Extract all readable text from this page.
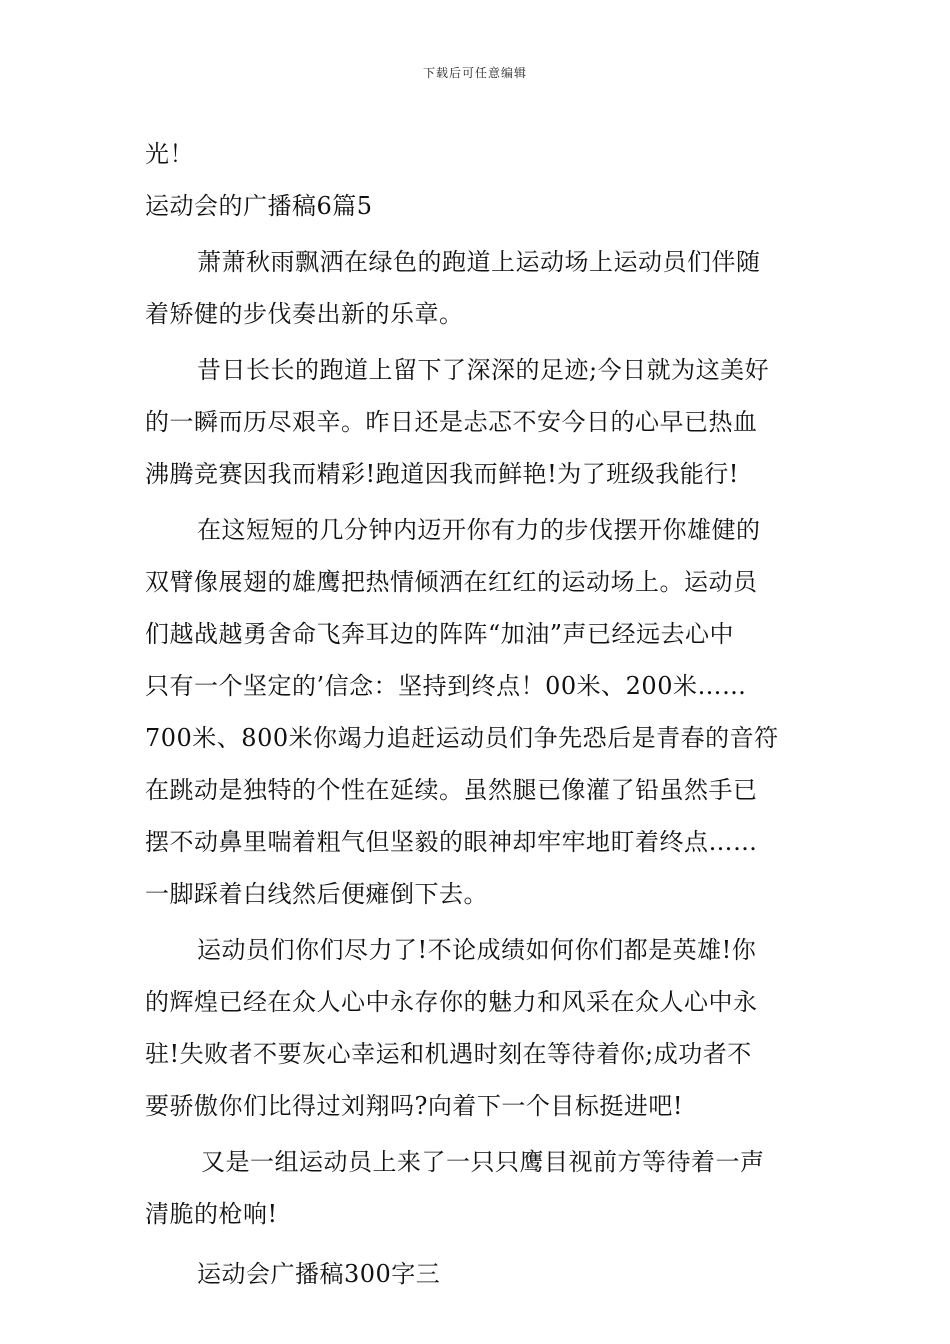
下载后可任意编辑
光！
运动会的广播稿6篇5
萧萧秋雨飘洒在绿色的跑道上运动场上运动员们伴随
着矫健的步伐奏出新的乐章。
昔日长长的跑道上留下了深深的足迹;今日就为这美好
的一瞬而历尽艰辛。昨日还是忐忑不安今日的心早已热血
沸腾竞赛因我而精彩!跑道因我而鲜艳!为了班级我能行!
在这短短的几分钟内迈开你有力的步伐摆开你雄健的
双臂像展翅的雄鹰把热情倾洒在红红的运动场上。运动员
们越战越勇舍命飞奔耳边的阵阵“加油”声已经远去心中
只有一个坚定的’信念：坚持到终点！00米、200米……
700米、800米你竭力追赶运动员们争先恐后是青春的音符
在跳动是独特的个性在延续。虽然腿已像灌了铅虽然手已
摆不动鼻里喘着粗气但坚毅的眼神却牢牢地盯着终点……
一脚踩着白线然后便瘫倒下去。
运动员们你们尽力了!不论成绩如何你们都是英雄!你
的辉煌已经在众人心中永存你的魅力和风采在众人心中永
驻!失败者不要灰心幸运和机遇时刻在等待着你;成功者不
要骄傲你们比得过刘翔吗?向着下一个目标挺进吧!
又是一组运动员上来了一只只鹰目视前方等待着一声
清脆的枪响!
运动会广播稿300字三
